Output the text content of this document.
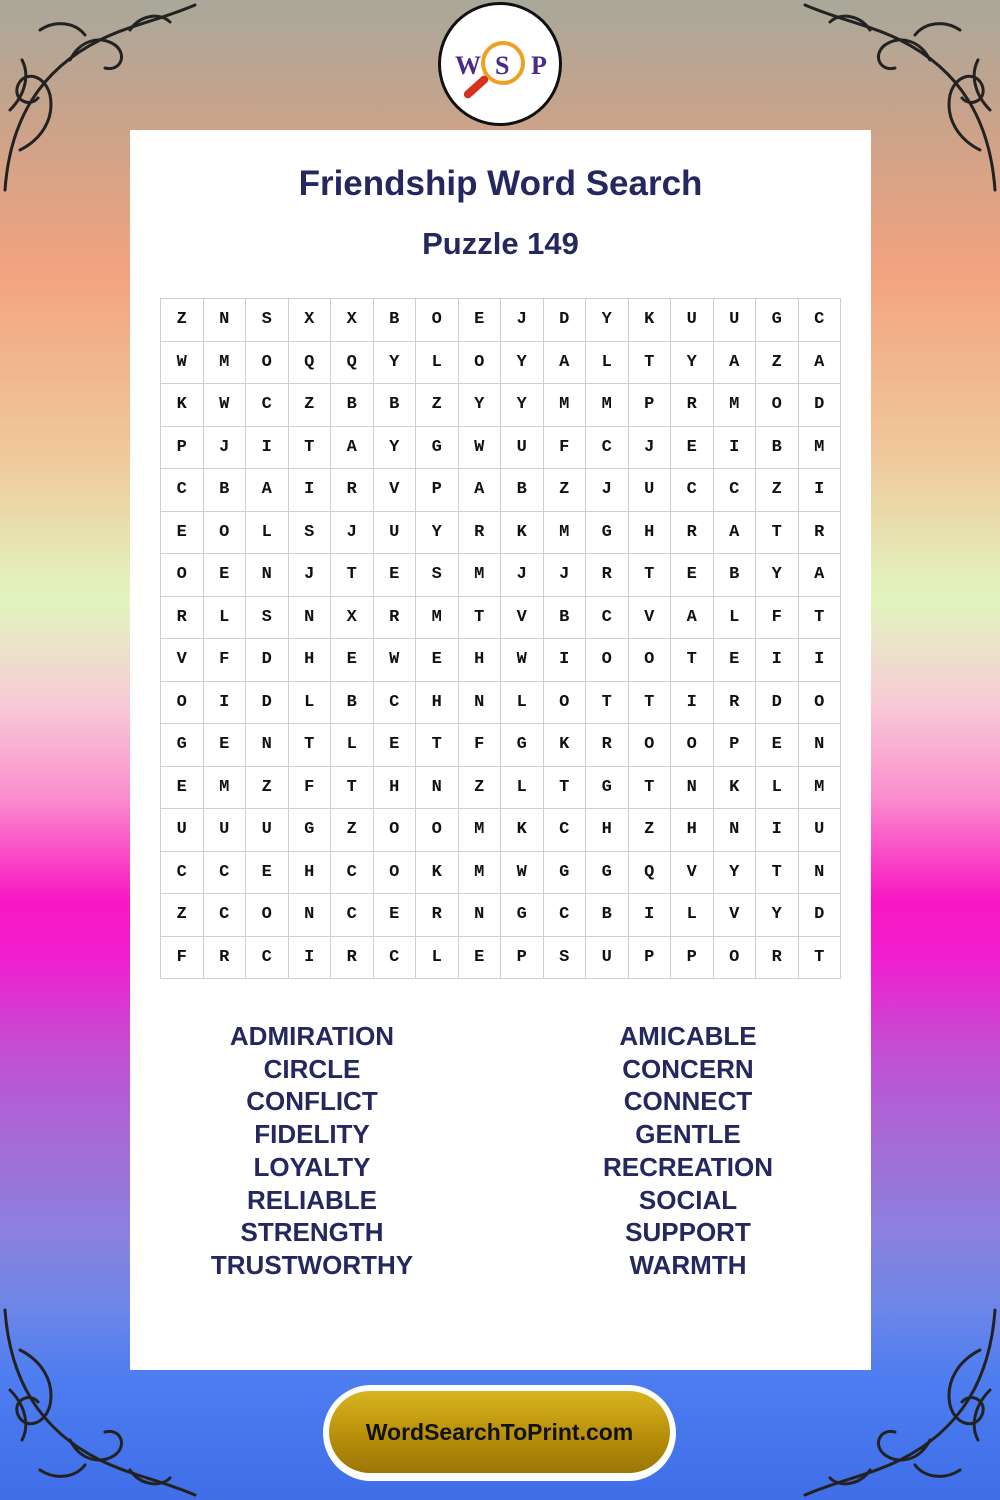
W S P
Friendship Word Search
Puzzle 149
Z	N	S	X	X	B	O	E	J	D	Y	K	U	U	G	C
W	M	O	Q	Q	Y	L	O	Y	A	L	T	Y	A	Z	A
K	W	C	Z	B	B	Z	Y	Y	M	M	P	R	M	O	D
P	J	I	T	A	Y	G	W	U	F	C	J	E	I	B	M
C	B	A	I	R	V	P	A	B	Z	J	U	C	C	Z	I
E	O	L	S	J	U	Y	R	K	M	G	H	R	A	T	R
O	E	N	J	T	E	S	M	J	J	R	T	E	B	Y	A
R	L	S	N	X	R	M	T	V	B	C	V	A	L	F	T
V	F	D	H	E	W	E	H	W	I	O	O	T	E	I	I
O	I	D	L	B	C	H	N	L	O	T	T	I	R	D	O
G	E	N	T	L	E	T	F	G	K	R	O	O	P	E	N
E	M	Z	F	T	H	N	Z	L	T	G	T	N	K	L	M
U	U	U	G	Z	O	O	M	K	C	H	Z	H	N	I	U
C	C	E	H	C	O	K	M	W	G	G	Q	V	Y	T	N
Z	C	O	N	C	E	R	N	G	C	B	I	L	V	Y	D
F	R	C	I	R	C	L	E	P	S	U	P	P	O	R	T
ADMIRATION
CIRCLE
CONFLICT
FIDELITY
LOYALTY
RELIABLE
STRENGTH
TRUSTWORTHY
AMICABLE
CONCERN
CONNECT
GENTLE
RECREATION
SOCIAL
SUPPORT
WARMTH
WordSearchToPrint.com
